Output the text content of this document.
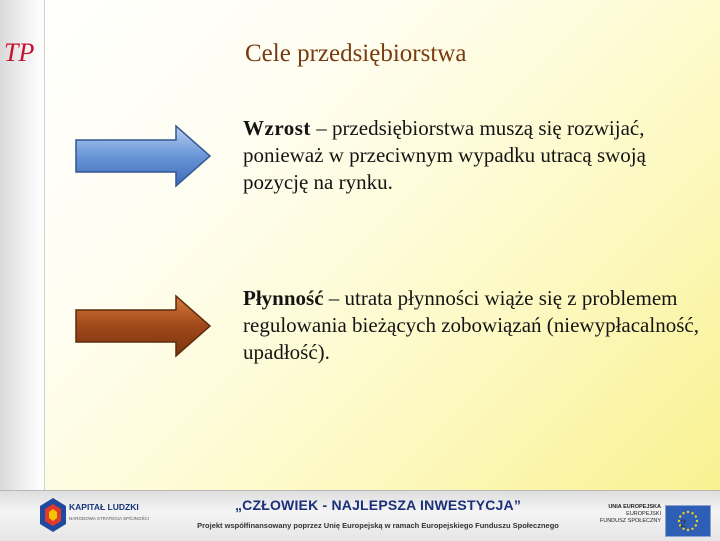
TP	Cele przedsiębiorstwa
Wzrost – przedsiębiorstwa muszą się rozwijać, ponieważ w przeciwnym wypadku utracą swoją pozycję na rynku.
Płynność – utrata płynności wiąże się z problemem regulowania bieżących zobowiązań (niewypłacalność, upadłość).
KAPITAŁ LUDZKI
NARODOWA STRATEGIA SPÓJNOŚCI
„CZŁOWIEK - NAJLEPSZA INWESTYCJA”
Projekt współfinansowany poprzez Unię Europejską w ramach Europejskiego Funduszu Społecznego
UNIA EUROPEJSKA
EUROPEJSKI
FUNDUSZ SPOŁECZNY	2
